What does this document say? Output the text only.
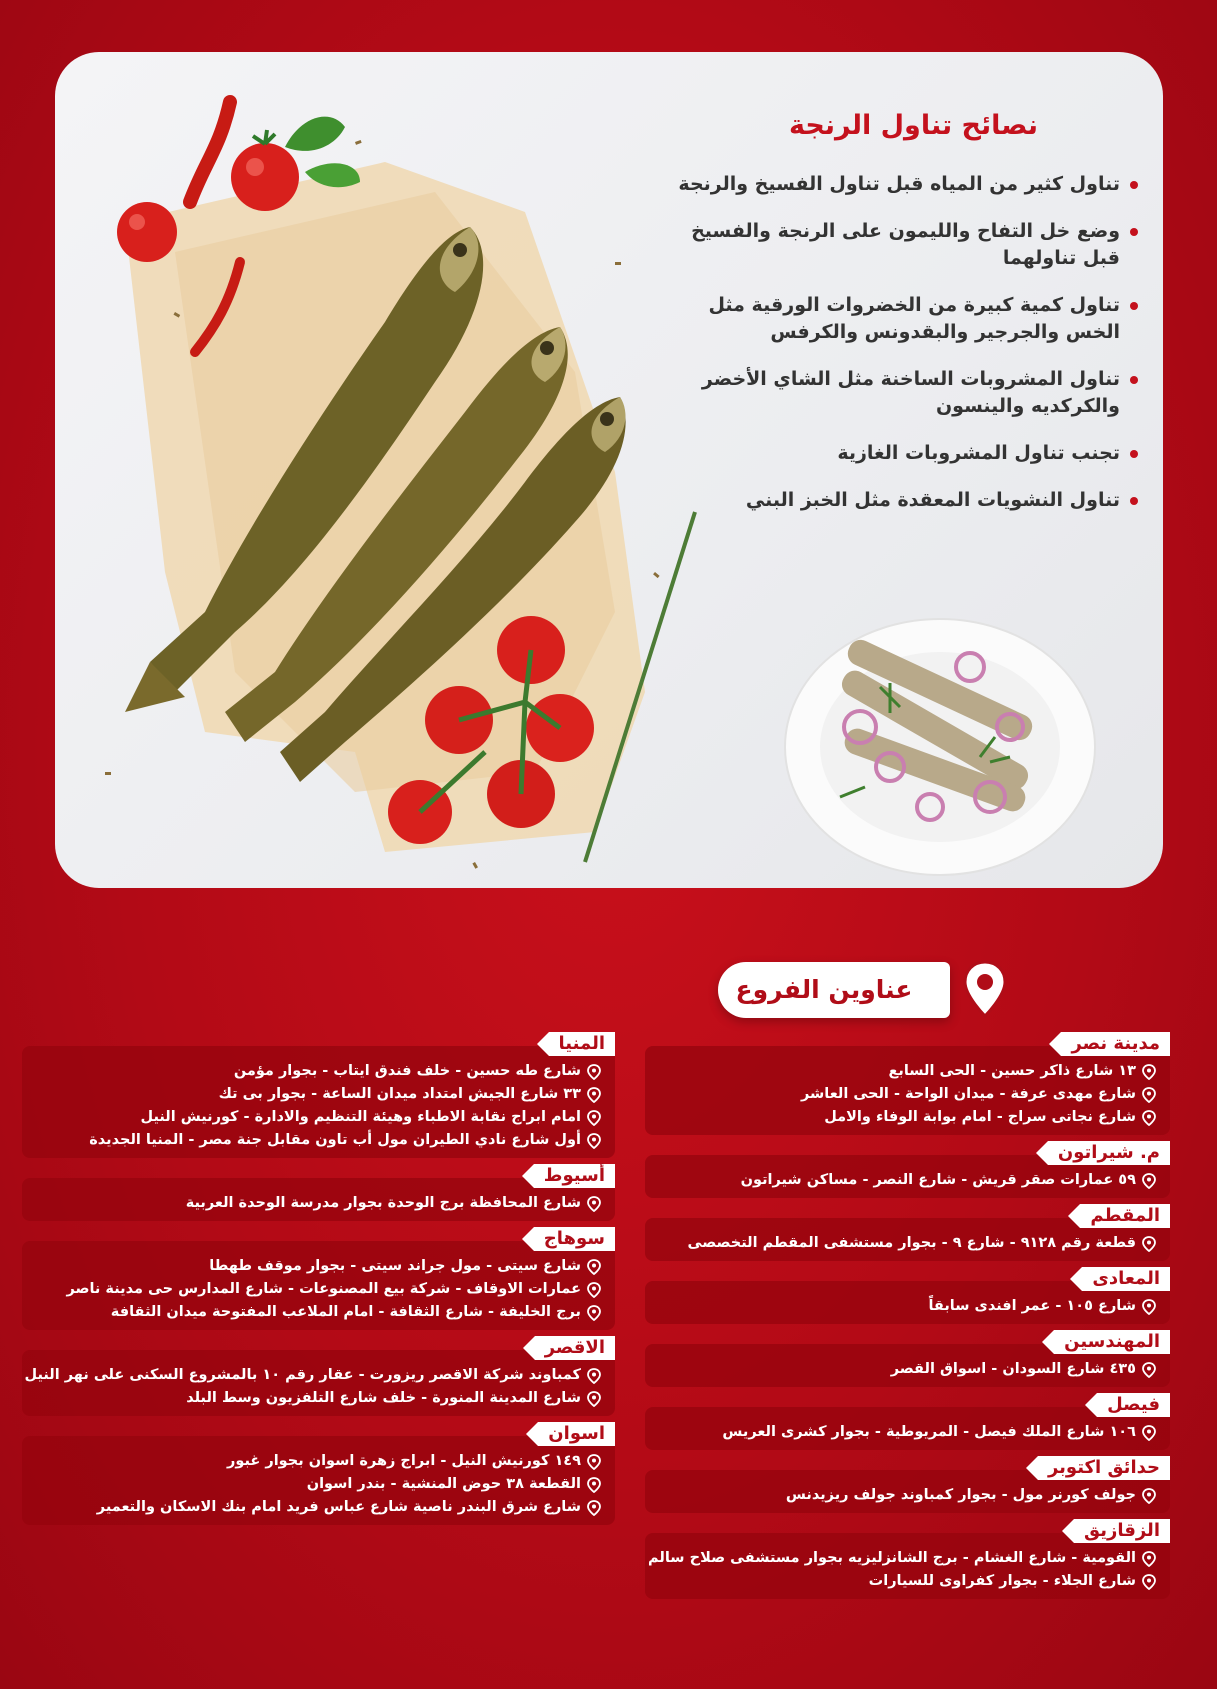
نصائح تناول الرنجة
تناول كثير من المياه قبل تناول الفسيخ والرنجة
وضع خل التفاح والليمون على الرنجة والفسيخ قبل تناولهما
تناول كمية كبيرة من الخضروات الورقية مثل الخس والجرجير والبقدونس والكرفس
تناول المشروبات الساخنة مثل الشاي الأخضر والكركديه والينسون
تجنب تناول المشروبات الغازية
تناول النشويات المعقدة مثل الخبز البني
عناوين الفروع
مدينة نصر
١٣ شارع ذاكر حسين - الحى السابع
شارع مهدى عرفة - ميدان الواحة - الحى العاشر
شارع نجاتى سراج - امام بوابة الوفاء والامل
م. شيراتون
٥٩ عمارات صقر قريش - شارع النصر - مساكن شيراتون
المقطم
قطعة رقم ٩١٢٨ - شارع ٩ - بجوار مستشفى المقطم التخصصى
المعادى
شارع ١٠٥ - عمر افندى سابقاً
المهندسين
٤٣٥ شارع السودان - اسواق القصر
فيصل
١٠٦ شارع الملك فيصل - المريوطية - بجوار كشرى العريس
حدائق اكتوبر
جولف كورنر مول - بجوار كمباوند جولف ريزيدنس
الزقازيق
القومية - شارع الغشام - برج الشانزليزيه بجوار مستشفى صلاح سالم
شارع الجلاء - بجوار كفراوى للسيارات
المنيا
شارع طه حسين - خلف فندق ايتاب - بجوار مؤمن
٣٣ شارع الجيش امتداد ميدان الساعة - بجوار بى تك
امام ابراج نقابة الاطباء وهيئة التنظيم والادارة - كورنيش النيل
أول شارع نادي الطيران مول أب تاون مقابل جنة مصر - المنيا الجديدة
أسيوط
شارع المحافظة برج الوحدة بجوار مدرسة الوحدة العربية
سوهاج
شارع سيتى - مول جراند سيتى - بجوار موقف طهطا
عمارات الاوقاف - شركة بيع المصنوعات - شارع المدارس حى مدينة ناصر
برج الخليفة - شارع الثقافة - امام الملاعب المفتوحة ميدان الثقافة
الاقصر
كمباوند شركة الاقصر ريزورت - عقار رقم ١٠ بالمشروع السكنى على نهر النيل
شارع المدينة المنورة - خلف شارع التلفزيون وسط البلد
اسوان
١٤٩ كورنيش النيل - ابراج زهرة اسوان بجوار غبور
القطعة ٣٨ حوض المنشية - بندر اسوان
شارع شرق البندر ناصية شارع عباس فريد امام بنك الاسكان والتعمير
